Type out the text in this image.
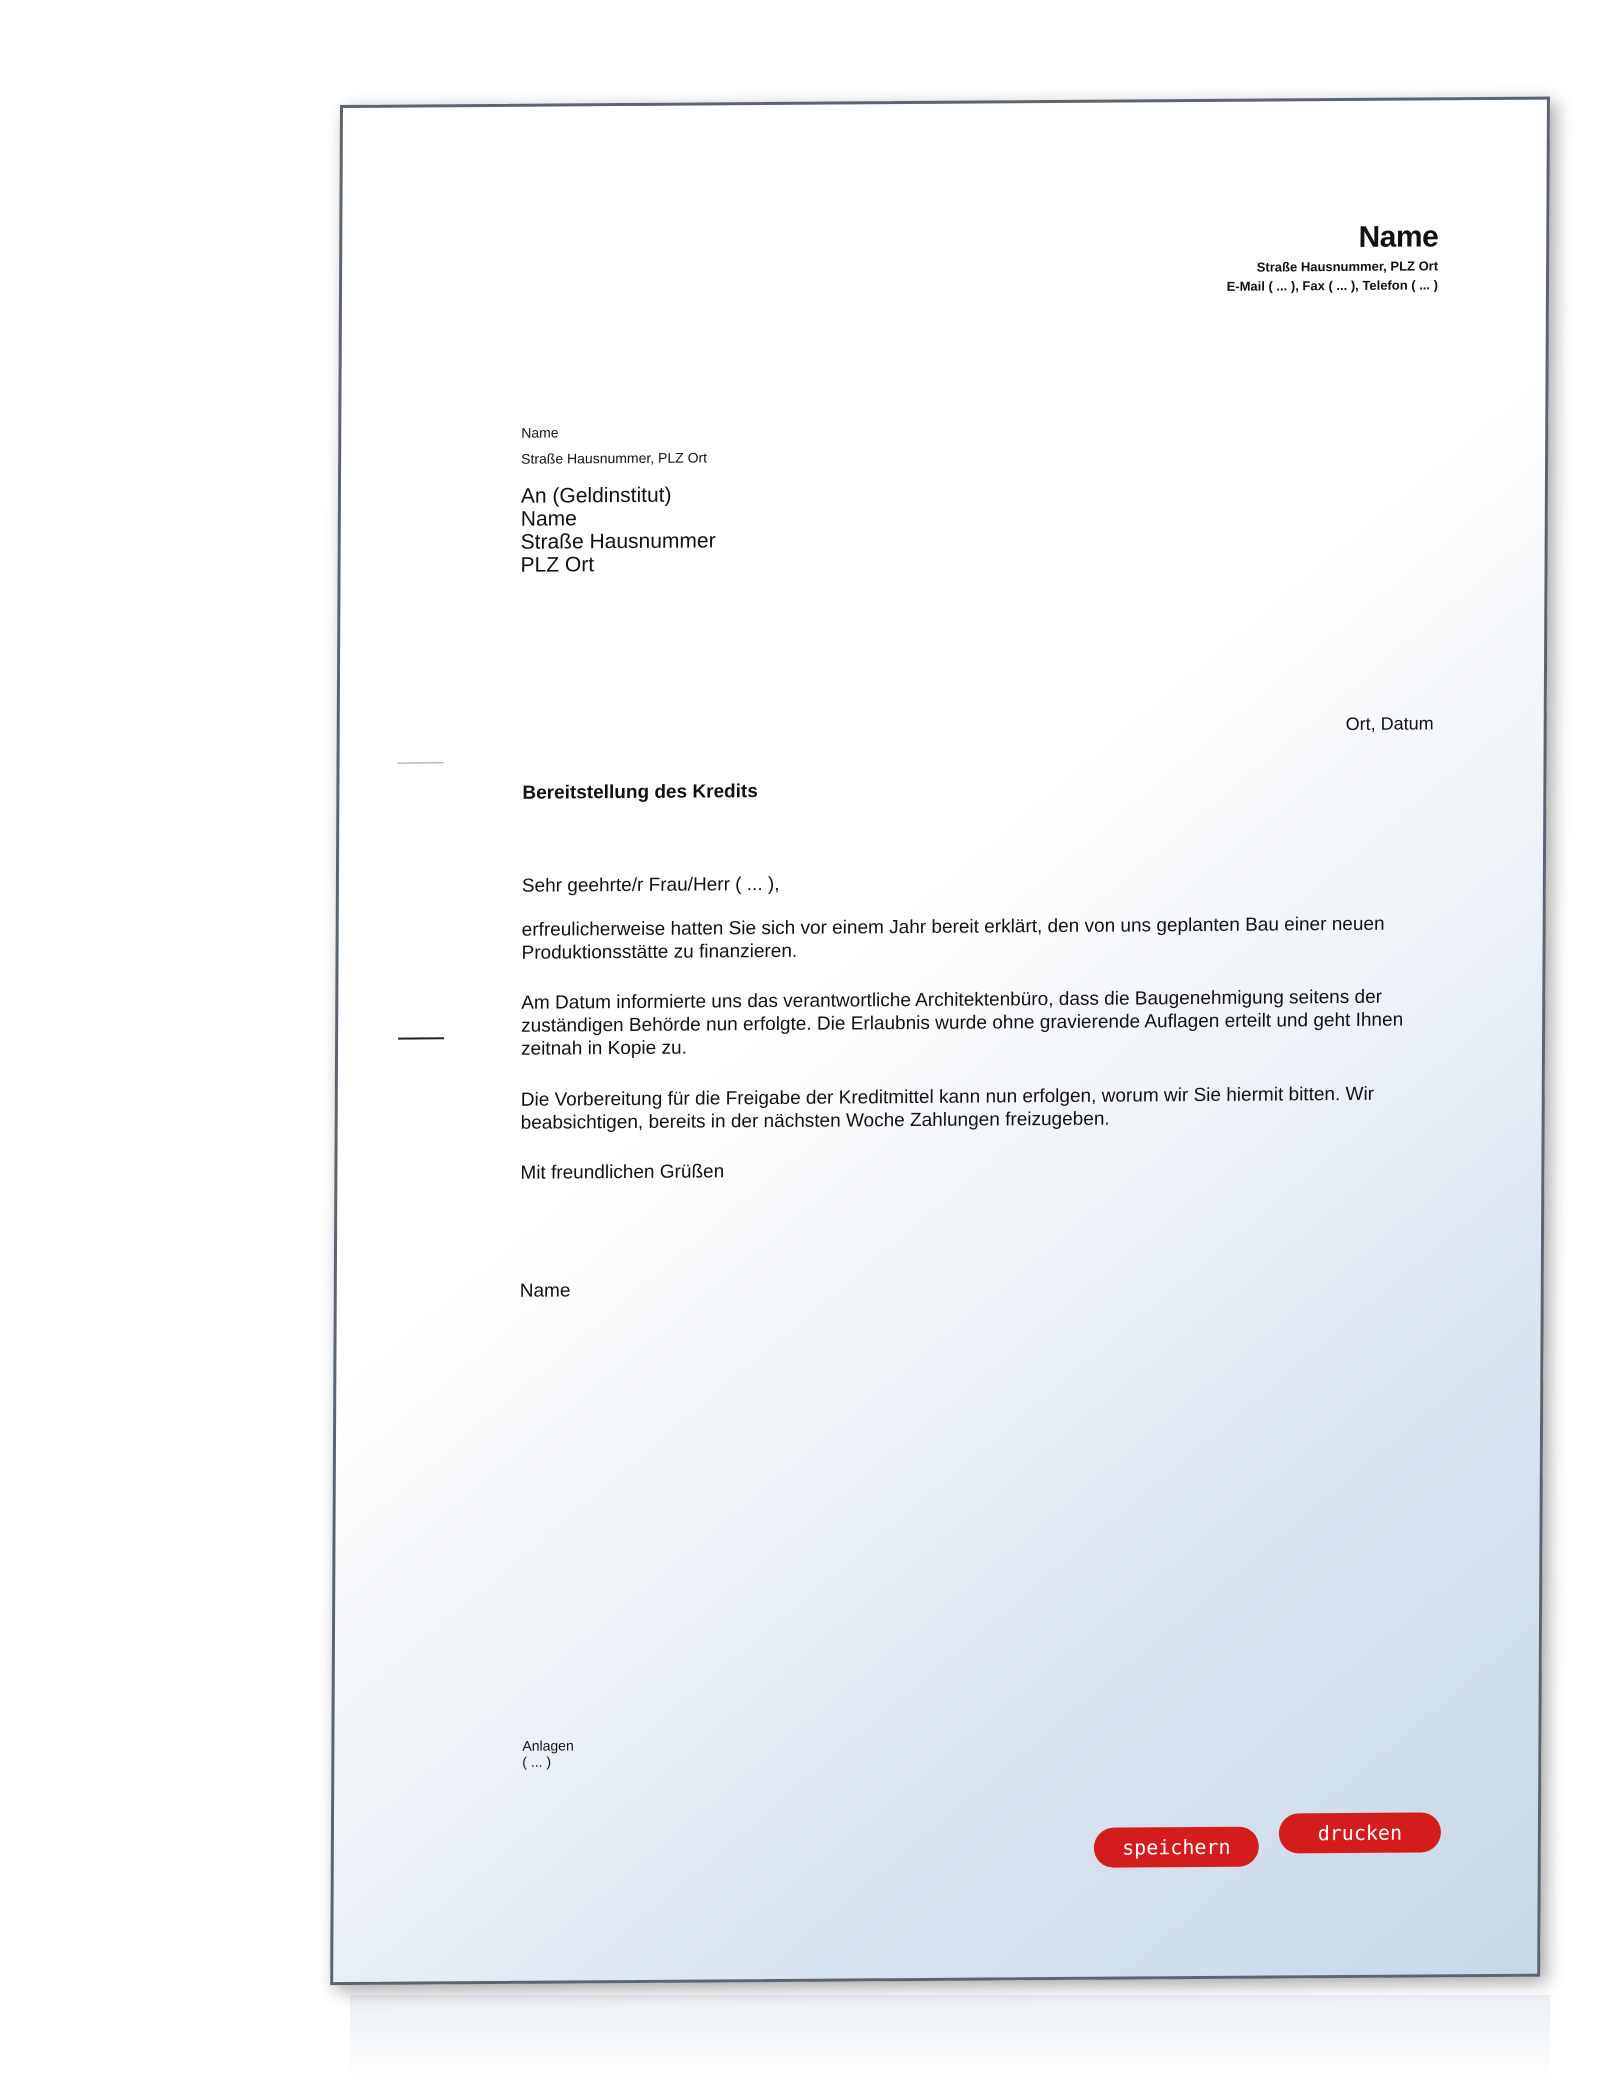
Name
Straße Hausnummer, PLZ Ort
E-Mail ( ... ), Fax ( ... ), Telefon ( ... )
Name
Straße Hausnummer, PLZ Ort
An (Geldinstitut)
Name
Straße Hausnummer
PLZ Ort
Ort, Datum
Bereitstellung des Kredits
Sehr geehrte/r Frau/Herr ( ... ),
erfreulicherweise hatten Sie sich vor einem Jahr bereit erklärt, den von uns geplanten Bau einer neuen Produktionsstätte zu finanzieren.
Am Datum informierte uns das verantwortliche Architektenbüro, dass die Baugenehmigung seitens der zuständigen Behörde nun erfolgte. Die Erlaubnis wurde ohne gravierende Auflagen erteilt und geht Ihnen zeitnah in Kopie zu.
Die Vorbereitung für die Freigabe der Kreditmittel kann nun erfolgen, worum wir Sie hiermit bitten. Wir beabsichtigen, bereits in der nächsten Woche Zahlungen freizugeben.
Mit freundlichen Grüßen
Name
Anlagen
( ... )
speichern
drucken
